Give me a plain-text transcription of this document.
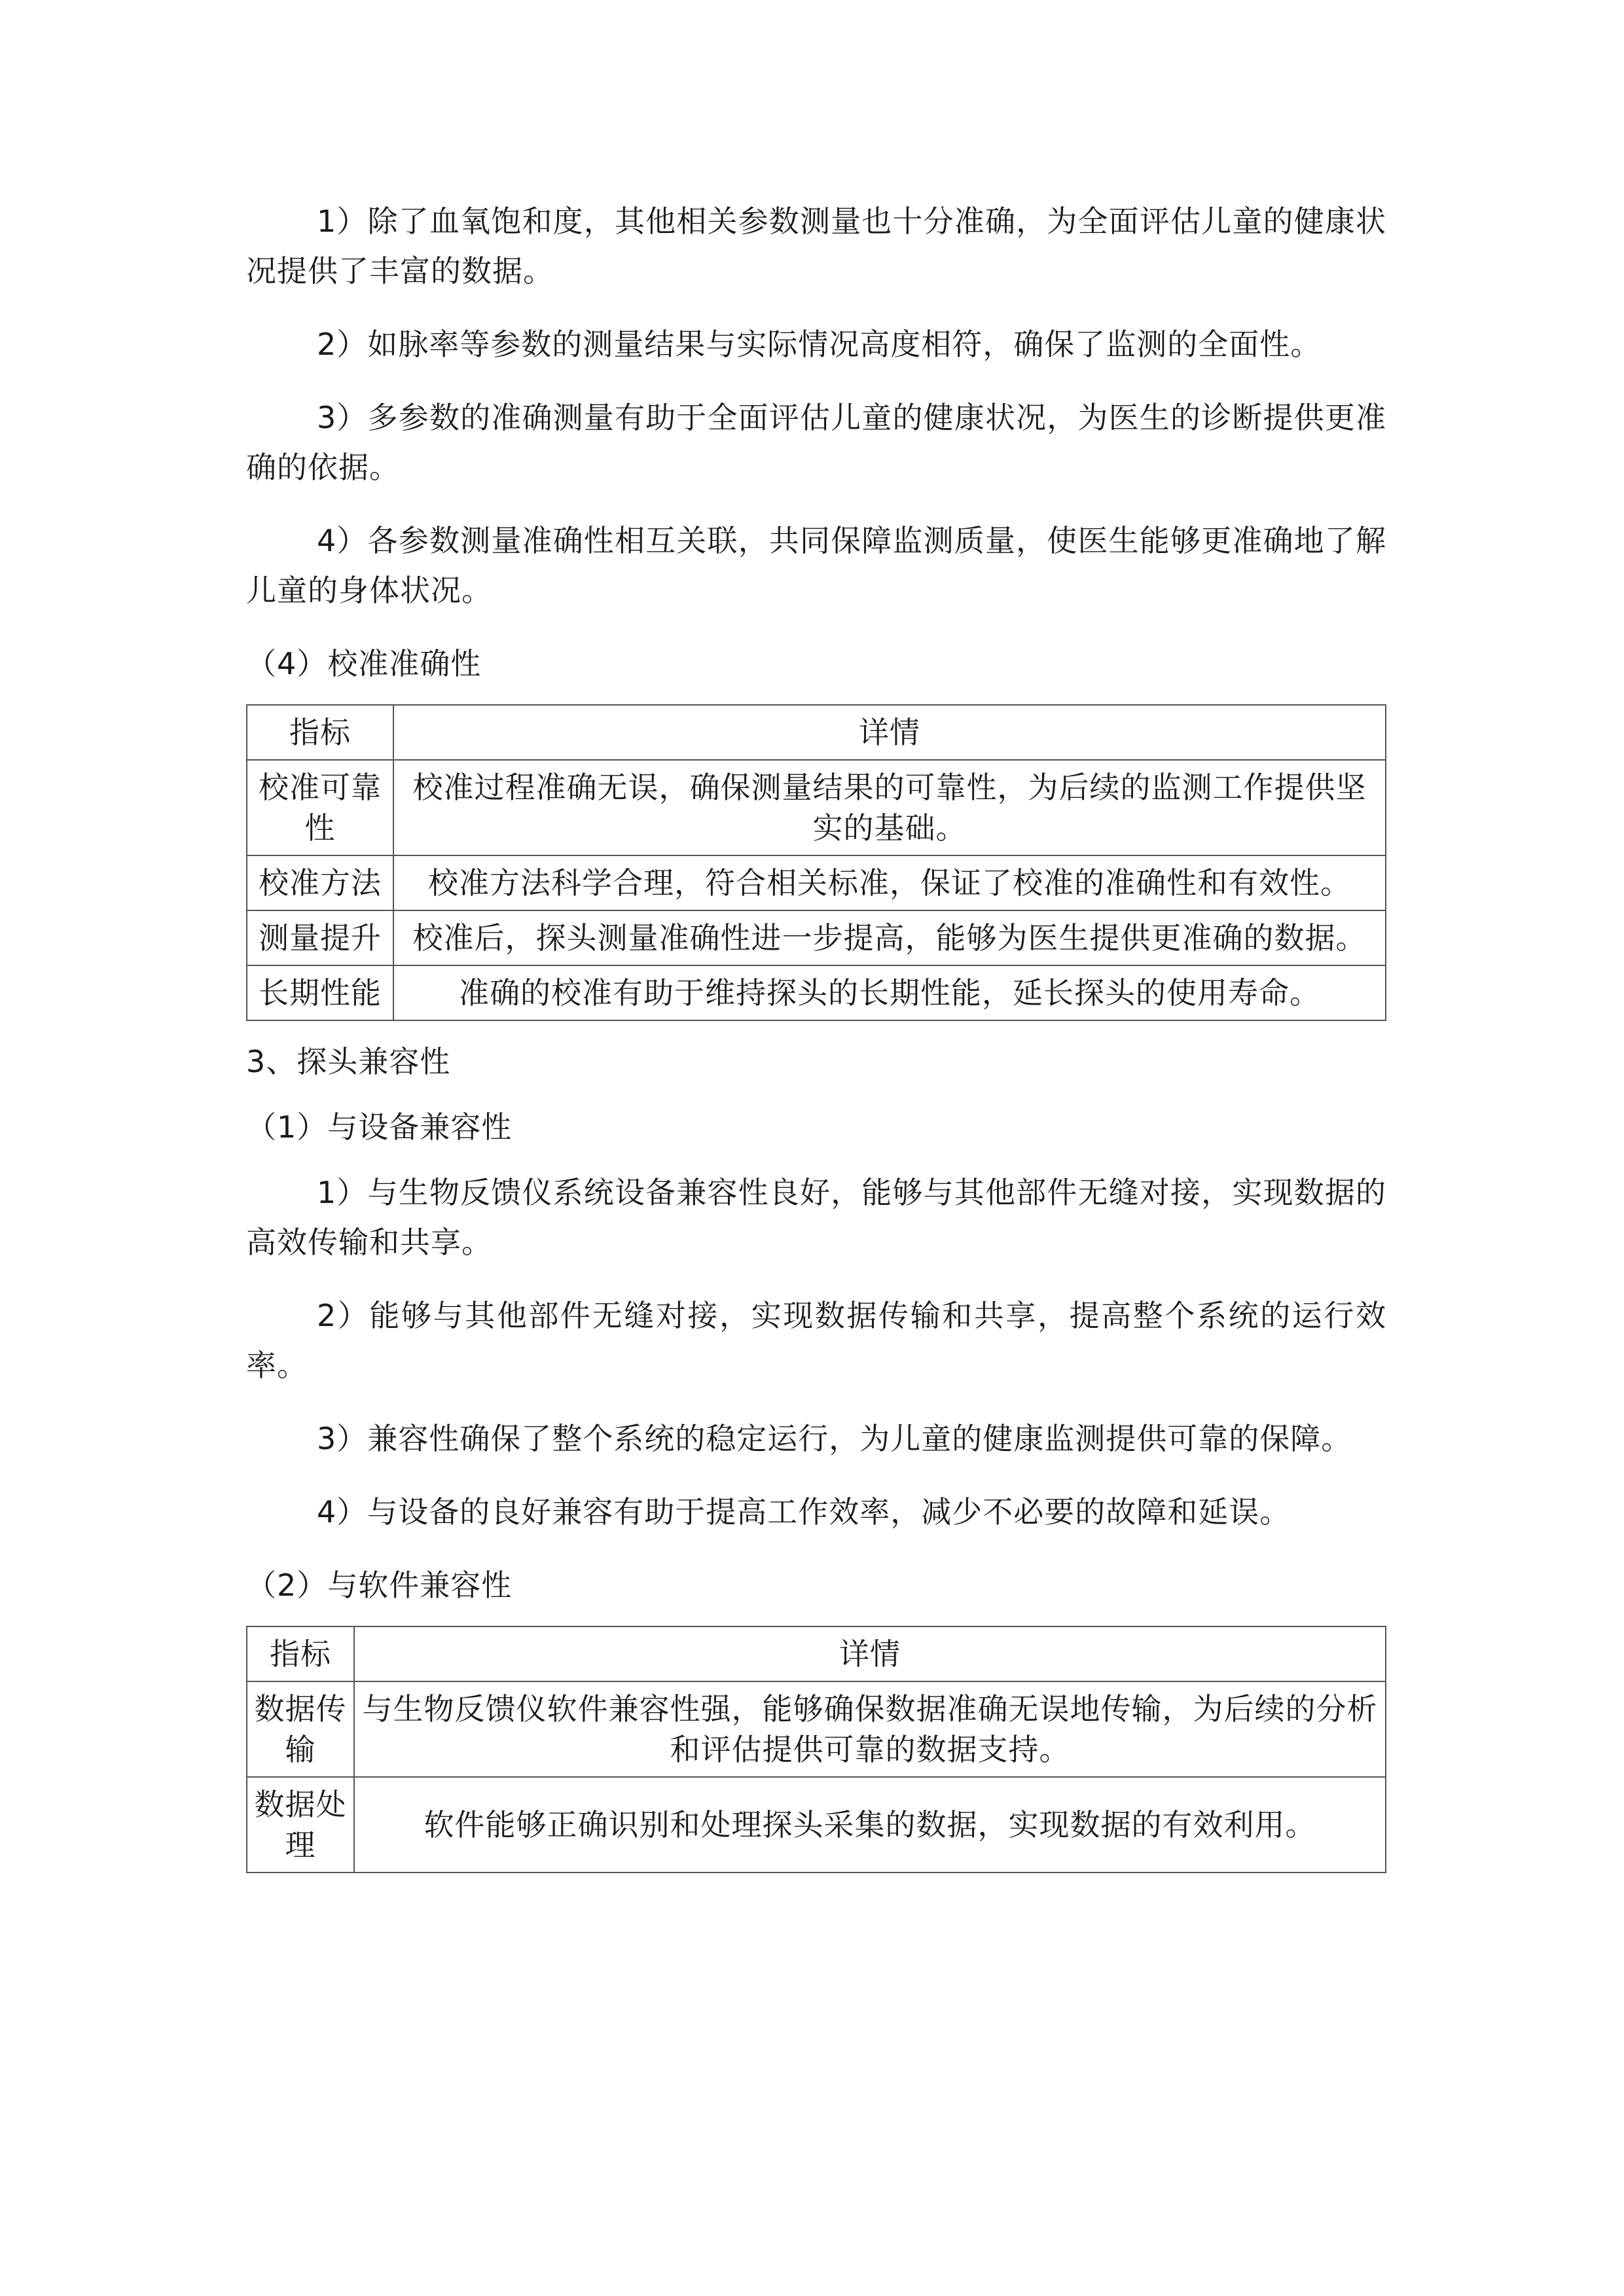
1）除了血氧饱和度，其他相关参数测量也十分准确，为全面评估儿童的健康状况提供了丰富的数据。

2）如脉率等参数的测量结果与实际情况高度相符，确保了监测的全面性。

3）多参数的准确测量有助于全面评估儿童的健康状况，为医生的诊断提供更准确的依据。

4）各参数测量准确性相互关联，共同保障监测质量，使医生能够更准确地了解儿童的身体状况。

（4）校准准确性
指标	详情
校准可靠性	校准过程准确无误，确保测量结果的可靠性，为后续的监测工作提供坚实的基础。
校准方法	校准方法科学合理，符合相关标准，保证了校准的准确性和有效性。
测量提升	校准后，探头测量准确性进一步提高，能够为医生提供更准确的数据。
长期性能	准确的校准有助于维持探头的长期性能，延长探头的使用寿命。
3、探头兼容性
（1）与设备兼容性

1）与生物反馈仪系统设备兼容性良好，能够与其他部件无缝对接，实现数据的高效传输和共享。

2）能够与其他部件无缝对接，实现数据传输和共享，提高整个系统的运行效率。

3）兼容性确保了整个系统的稳定运行，为儿童的健康监测提供可靠的保障。

4）与设备的良好兼容有助于提高工作效率，减少不必要的故障和延误。

（2）与软件兼容性
指标	详情
数据传输	与生物反馈仪软件兼容性强，能够确保数据准确无误地传输，为后续的分析和评估提供可靠的数据支持。
数据处理	软件能够正确识别和处理探头采集的数据，实现数据的有效利用。
